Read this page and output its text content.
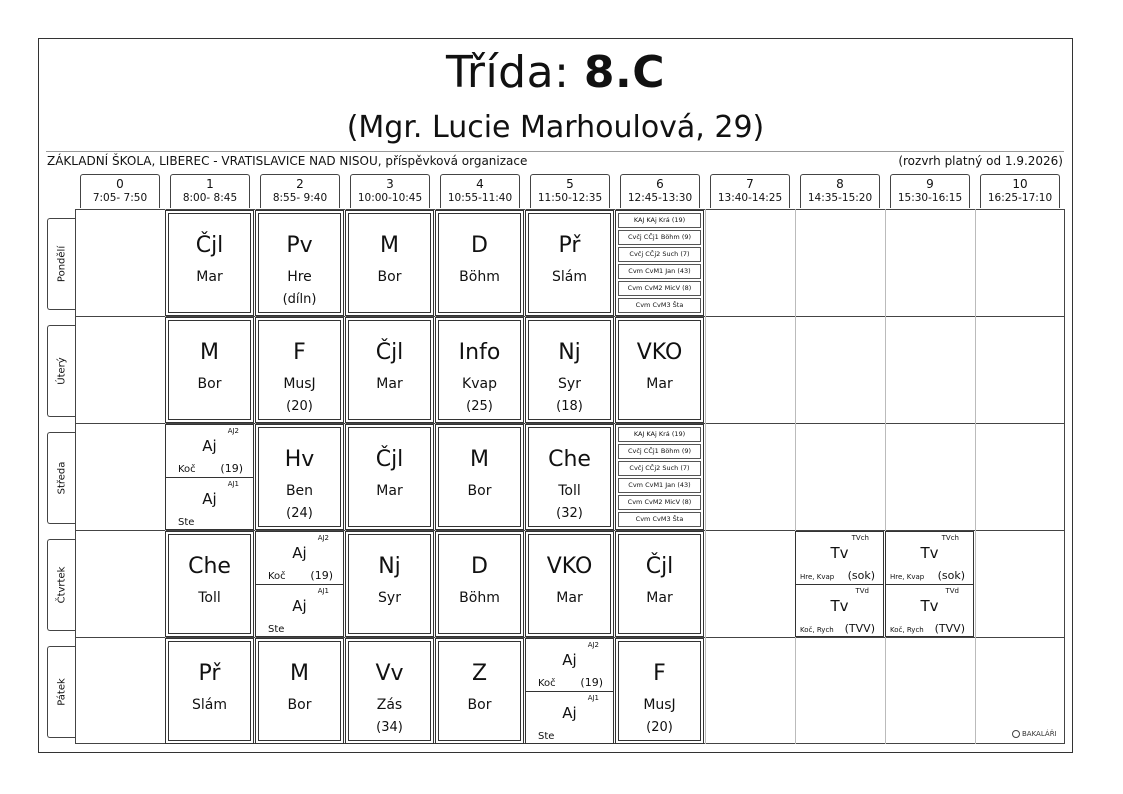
Třída: 8.C
(Mgr. Lucie Marhoulová, 29)
ZÁKLADNÍ ŠKOLA, LIBEREC - VRATISLAVICE NAD NISOU, příspěvková organizace	(rozvrh platný od 1.9.2026)
0
7:05- 7:50
1
8:00- 8:45
2
8:55- 9:40
3
10:00-10:45
4
10:55-11:40
5
11:50-12:35
6
12:45-13:30
7
13:40-14:25
8
14:35-15:20
9
15:30-16:15
10
16:25-17:10
Pondělí
Úterý
Středa
Čtvrtek
Pátek
Čjl
Mar
Pv
Hre
(díln)
M
Bor
D
Böhm
Př
Slám
KAJ KAj Krá (19)
Cvčj CČj1 Böhm (9)
Cvčj CČj2 Such (7)
Cvm CvM1 Jan (43)
Cvm CvM2 MicV (8)
Cvm CvM3 Šta
M
Bor
F
MusJ
(20)
Čjl
Mar
Info
Kvap
(25)
Nj
Syr
(18)
VKO
Mar
AJ2
Aj
Koč (19)
AJ1
Aj
Ste
Hv
Ben
(24)
Čjl
Mar
M
Bor
Che
Toll
(32)
KAJ KAj Krá (19)
Cvčj CČj1 Böhm (9)
Cvčj CČj2 Such (7)
Cvm CvM1 Jan (43)
Cvm CvM2 MicV (8)
Cvm CvM3 Šta
Che
Toll
AJ2
Aj
Koč (19)
AJ1
Aj
Ste
Nj
Syr
D
Böhm
VKO
Mar
Čjl
Mar
TVch
Tv
Hre, Kvap (sok)
TVd
Tv
Koč, Rych (TVV)
TVch
Tv
Hre, Kvap (sok)
TVd
Tv
Koč, Rych (TVV)
Př
Slám
M
Bor
Vv
Zás
(34)
Z
Bor
AJ2
Aj
Koč (19)
AJ1
Aj
Ste
F
MusJ
(20)	BAKALÁŘI
